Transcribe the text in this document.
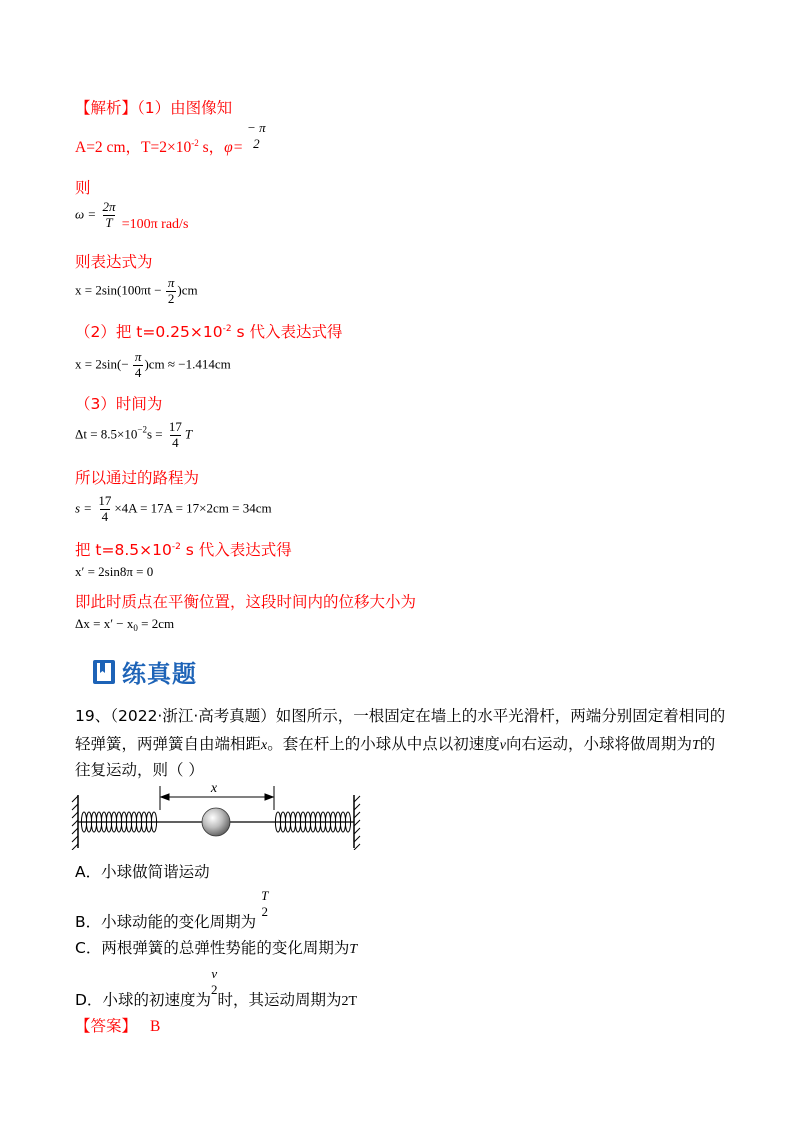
【解析】（1）由图像知
A=2 cm，$T=2\times 10^{-2}$ s，φ=
− π
2
则
$\omega = \frac{2\pi}{T} =100\pi$ rad/s
则表达式为
$x = 2\sin(100\pi t - \frac{\pi}{2} )cm$
（2）把 $t=0.25\times 10^{-2}$ s 代入表达式得
$x = 2\sin(- \frac{\pi}{4} )cm \approx -1.414cm$
（3）时间为
$\Delta t = 8.5\times 10^{-2}s = \frac{17}{4}$ T
所以通过的路程为
$s = \frac{17}{4} \times 4A = 17A = 17\times 2cm = 34cm$
把 $t=8.5\times 10^{-2}$ s 代入表达式得
x′ = 2sin8π = 0
即此时质点在平衡位置，这段时间内的位移大小为
$\Delta x = x' - x_0 = 2cm$
练真题
19、（2022·浙江·高考真题）如图所示，一根固定在墙上的水平光滑杆，两端分别固定着相同的
轻弹簧，两弹簧自由端相距x。套在杆上的小球从中点以初速度v向右运动，小球将做周期为T的
往复运动，则（ ）
x
A．小球做简谐运动
B．小球动能的变化周期为
T
2
C．两根弹簧的总弹性势能的变化周期为T
D．小球的初速度为
v
2
时，其运动周期为2T
【答案】 B
